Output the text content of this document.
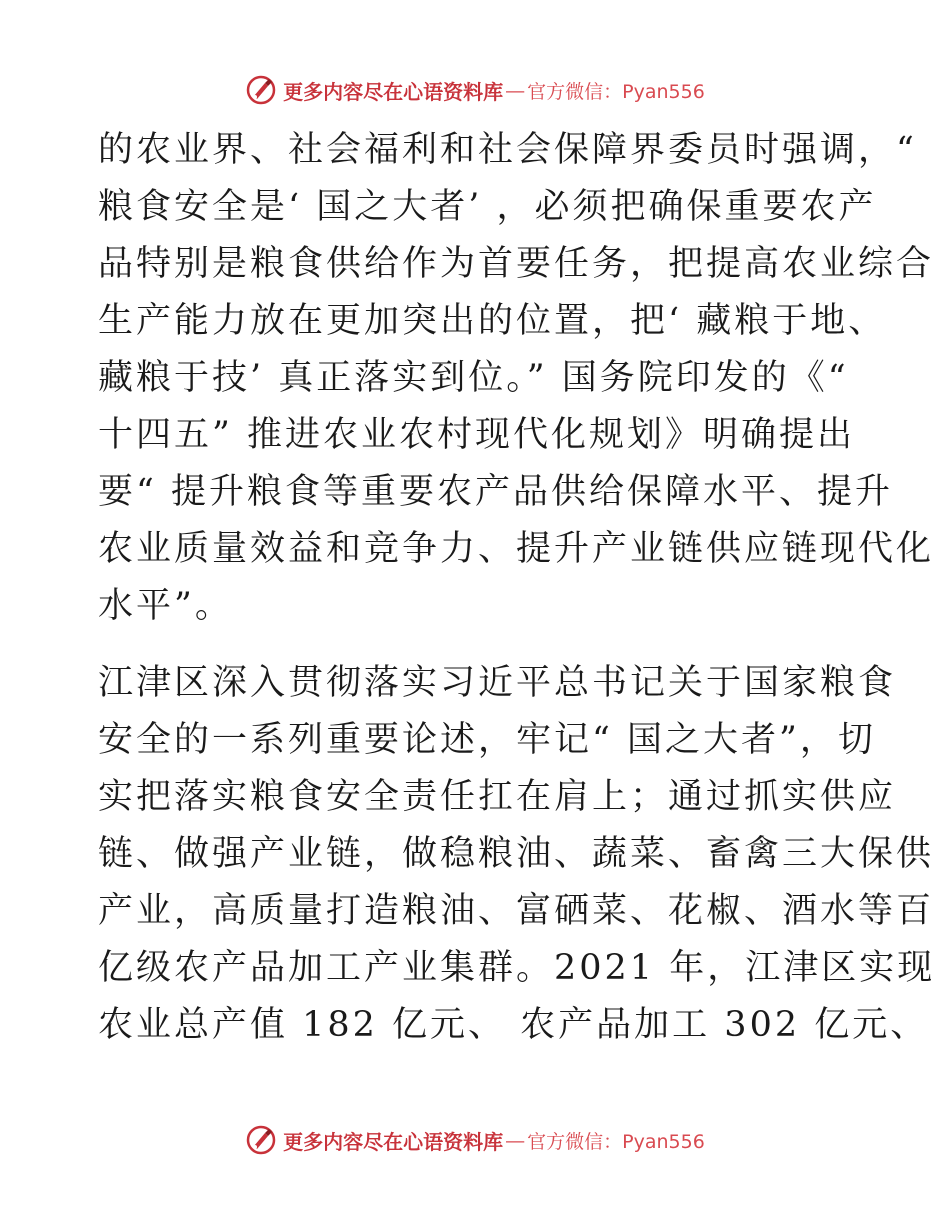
更多内容尽在心语资料库 — 官方微信：Pyan556
的农业界、社会福利和社会保障界委员时强调，“
粮食安全是‘ 国之大者’ ，必须把确保重要农产
品特别是粮食供给作为首要任务，把提高农业综合
生产能力放在更加突出的位置，把‘ 藏粮于地、
藏粮于技’ 真正落实到位。” 国务院印发的《“
十四五” 推进农业农村现代化规划》明确提出
要“ 提升粮食等重要农产品供给保障水平、提升
农业质量效益和竞争力、提升产业链供应链现代化
水平”。
江津区深入贯彻落实习近平总书记关于国家粮食
安全的一系列重要论述，牢记“ 国之大者”，切
实把落实粮食安全责任扛在肩上；通过抓实供应
链、做强产业链，做稳粮油、蔬菜、畜禽三大保供
产业，高质量打造粮油、富硒菜、花椒、酒水等百
亿级农产品加工产业集群。2021 年，江津区实现
农业总产值 182 亿元、 农产品加工 302 亿元、
更多内容尽在心语资料库 — 官方微信：Pyan556
